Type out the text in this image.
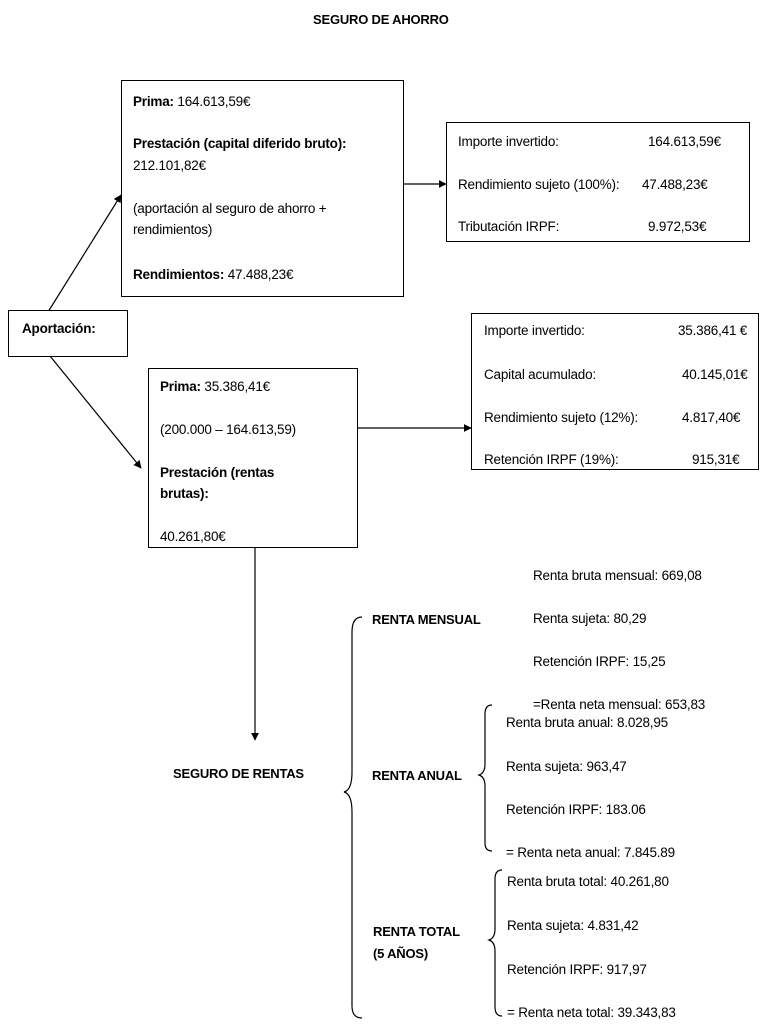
SEGURO DE AHORRO
Aportación:
Prima: 164.613,59€
Prestación (capital diferido bruto):
212.101,82€
(aportación al seguro de ahorro +
rendimientos)
Rendimientos: 47.488,23€
Importe invertido:	164.613,59€
Rendimiento sujeto (100%): 47.488,23€
Tributación IRPF:	9.972,53€
Prima: 35.386,41€
(200.000 – 164.613,59)
Prestación (rentas
brutas):
40.261,80€
Importe invertido:	35.386,41 €
Capital acumulado:	40.145,01€
Rendimiento sujeto (12%):	4.817,40€
Retención IRPF (19%):	915,31€
SEGURO DE RENTAS
RENTA MENSUAL
Renta bruta mensual: 669,08
Renta sujeta: 80,29
Retención IRPF: 15,25
=Renta neta mensual: 653,83
RENTA ANUAL
Renta bruta anual: 8.028,95
Renta sujeta: 963,47
Retención IRPF: 183.06
= Renta neta anual: 7.845.89
RENTA TOTAL
(5 AÑOS)
Renta bruta total: 40.261,80
Renta sujeta: 4.831,42
Retención IRPF: 917,97
= Renta neta total: 39.343,83
